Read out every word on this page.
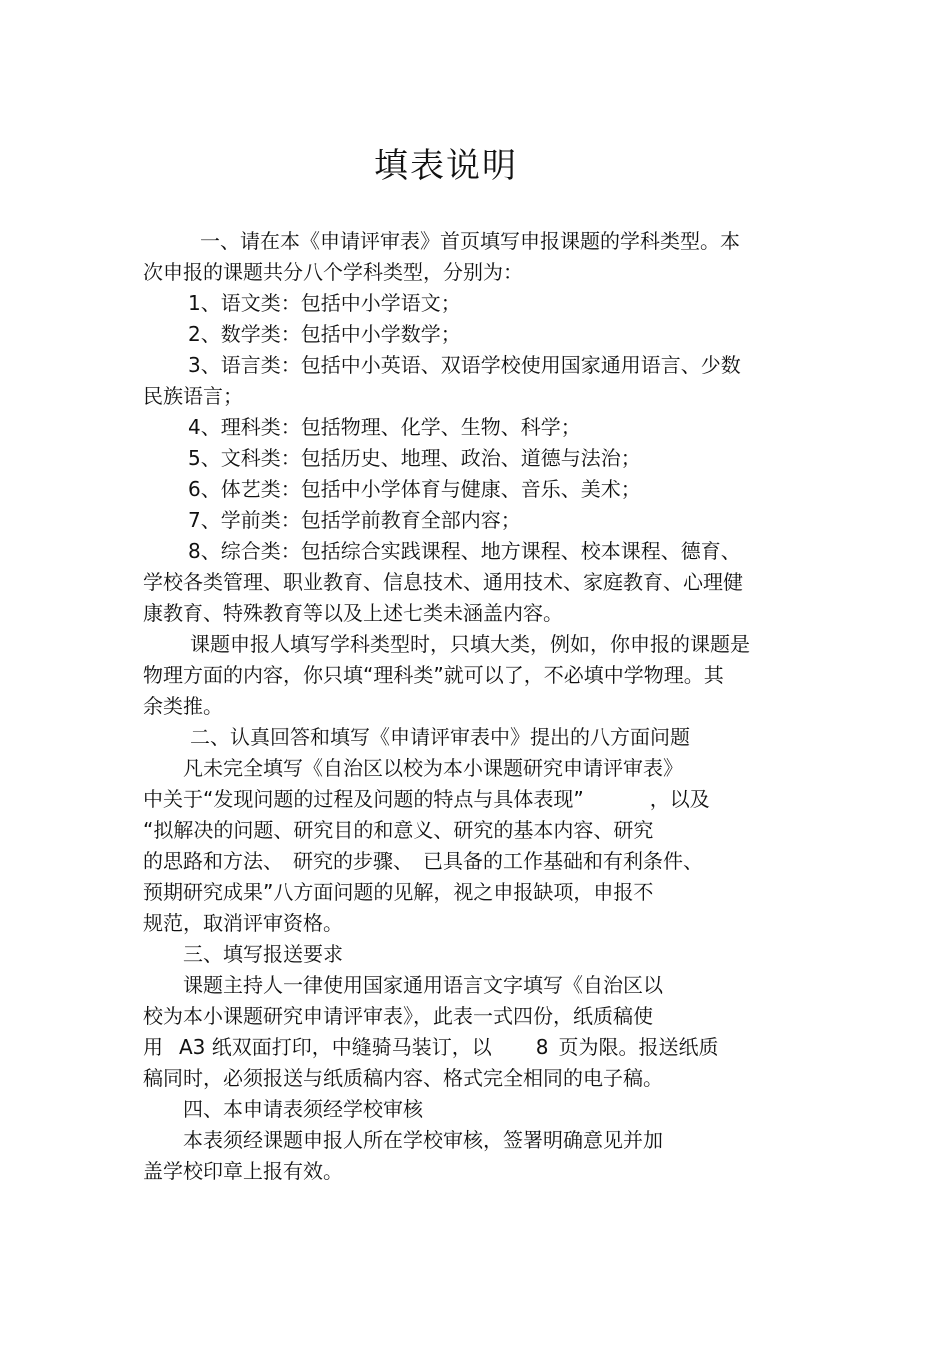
填表说明
一、请在本《申请评审表》首页填写申报课题的学科类型。本
次申报的课题共分八个学科类型，分别为：
1、语文类：包括中小学语文；
2、数学类：包括中小学数学；
3、语言类：包括中小英语、双语学校使用国家通用语言、少数
民族语言；
4、理科类：包括物理、化学、生物、科学；
5、文科类：包括历史、地理、政治、道德与法治；
6、体艺类：包括中小学体育与健康、音乐、美术；
7、学前类：包括学前教育全部内容；
8、综合类：包括综合实践课程、地方课程、校本课程、德育、
学校各类管理、职业教育、信息技术、通用技术、家庭教育、心理健
康教育、特殊教育等以及上述七类未涵盖内容。
课题申报人填写学科类型时，只填大类，例如，你申报的课题是
物理方面的内容，你只填“理科类”就可以了，不必填中学物理。其
余类推。
二、认真回答和填写《申请评审表中》提出的八方面问题
凡未完全填写《自治区以校为本小课题研究申请评审表》
中关于“发现问题的过程及问题的特点与具体表现”	，以及
“拟解决的问题、研究目的和意义、研究的基本内容、研究
的思路和方法、 研究的步骤、 已具备的工作基础和有利条件、
预期研究成果”八方面问题的见解，视之申报缺项，申报不
规范，取消评审资格。
三、填写报送要求
课题主持人一律使用国家通用语言文字填写《自治区以
校为本小课题研究申请评审表》，此表一式四份，纸质稿使
用 A3 纸双面打印，中缝骑马装订，以 8 页为限。报送纸质
稿同时，必须报送与纸质稿内容、格式完全相同的电子稿。
四、本申请表须经学校审核
本表须经课题申报人所在学校审核，签署明确意见并加
盖学校印章上报有效。
